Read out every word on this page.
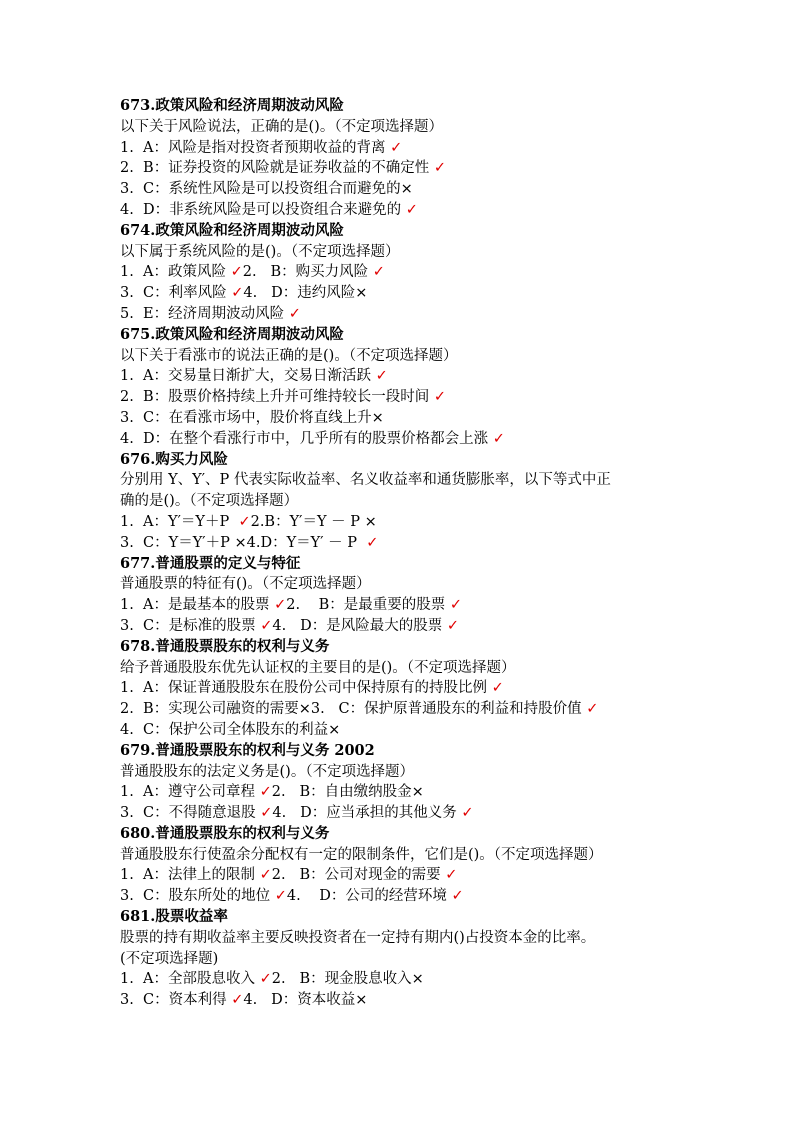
673.政策风险和经济周期波动风险
以下关于风险说法，正确的是()。（不定项选择题）
1.  A：风险是指对投资者预期收益的背离 ✓
2.  B：证券投资的风险就是证券收益的不确定性 ✓
3.  C：系统性风险是可以投资组合而避免的×
4.  D：非系统风险是可以投资组合来避免的 ✓
674.政策风险和经济周期波动风险
以下属于系统风险的是()。（不定项选择题）
1.  A：政策风险 ✓2.   B：购买力风险 ✓
3.  C：利率风险 ✓4.   D：违约风险×
5.  E：经济周期波动风险 ✓
675.政策风险和经济周期波动风险
以下关于看涨市的说法正确的是()。（不定项选择题）
1.  A：交易量日渐扩大，交易日渐活跃 ✓
2.  B：股票价格持续上升并可维持较长一段时间 ✓
3.  C：在看涨市场中，股价将直线上升×
4.  D：在整个看涨行市中，几乎所有的股票价格都会上涨 ✓
676.购买力风险
分别用 Y、Y′、P 代表实际收益率、名义收益率和通货膨胀率，以下等式中正
确的是()。（不定项选择题）
1.  A：Y′＝Y＋P  ✓2.B：Y′＝Y － P ×
3.  C：Y＝Y′＋P ×4.D：Y＝Y′ － P  ✓
677.普通股票的定义与特征
普通股票的特征有()。（不定项选择题）
1.  A：是最基本的股票 ✓2.    B：是最重要的股票 ✓
3.  C：是标准的股票 ✓4.   D：是风险最大的股票 ✓
678.普通股票股东的权利与义务
给予普通股股东优先认证权的主要目的是()。（不定项选择题）
1.  A：保证普通股股东在股份公司中保持原有的持股比例 ✓
2.  B：实现公司融资的需要×3.   C：保护原普通股东的利益和持股价值 ✓
4.  C：保护公司全体股东的利益×
679.普通股票股东的权利与义务 2002
普通股股东的法定义务是()。（不定项选择题）
1.  A：遵守公司章程 ✓2.   B：自由缴纳股金×
3.  C：不得随意退股 ✓4.   D：应当承担的其他义务 ✓
680.普通股票股东的权利与义务
普通股股东行使盈余分配权有一定的限制条件，它们是()。（不定项选择题）
1.  A：法律上的限制 ✓2.   B：公司对现金的需要 ✓
3.  C：股东所处的地位 ✓4.    D：公司的经营环境 ✓
681.股票收益率
股票的持有期收益率主要反映投资者在一定持有期内()占投资本金的比率。
(不定项选择题)
1.  A：全部股息收入 ✓2.   B：现金股息收入×
3.  C：资本利得 ✓4.   D：资本收益×
